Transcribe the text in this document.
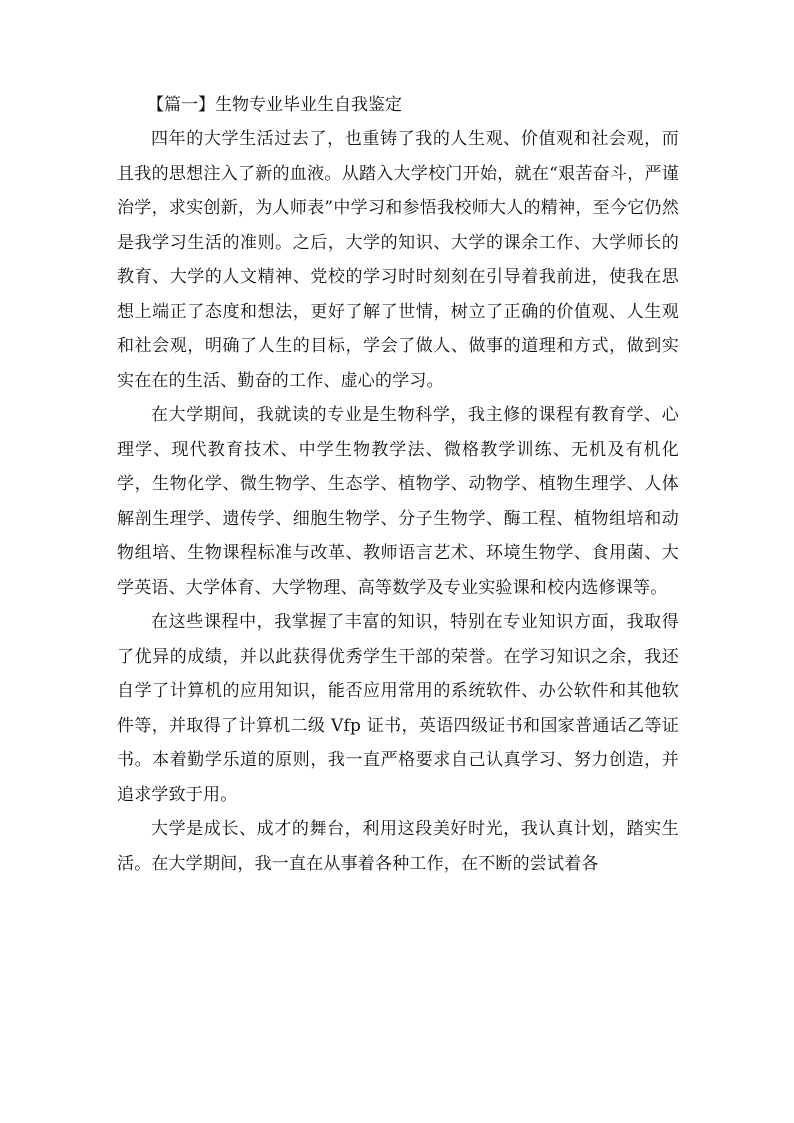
【篇一】生物专业毕业生自我鉴定

四年的大学生活过去了，也重铸了我的人生观、价值观和社会观，而且我的思想注入了新的血液。从踏入大学校门开始，就在“艰苦奋斗，严谨治学，求实创新，为人师表”中学习和参悟我校师大人的精神，至今它仍然是我学习生活的准则。之后，大学的知识、大学的课余工作、大学师长的教育、大学的人文精神、党校的学习时时刻刻在引导着我前进，使我在思想上端正了态度和想法，更好了解了世情，树立了正确的价值观、人生观和社会观，明确了人生的目标，学会了做人、做事的道理和方式，做到实实在在的生活、勤奋的工作、虚心的学习。

在大学期间，我就读的专业是生物科学，我主修的课程有教育学、心理学、现代教育技术、中学生物教学法、微格教学训练、无机及有机化学，生物化学、微生物学、生态学、植物学、动物学、植物生理学、人体解剖生理学、遗传学、细胞生物学、分子生物学、酶工程、植物组培和动物组培、生物课程标准与改革、教师语言艺术、环境生物学、食用菌、大学英语、大学体育、大学物理、高等数学及专业实验课和校内选修课等。

在这些课程中，我掌握了丰富的知识，特别在专业知识方面，我取得了优异的成绩，并以此获得优秀学生干部的荣誉。在学习知识之余，我还自学了计算机的应用知识，能否应用常用的系统软件、办公软件和其他软件等，并取得了计算机二级 Vfp 证书，英语四级证书和国家普通话乙等证书。本着勤学乐道的原则，我一直严格要求自己认真学习、努力创造，并追求学致于用。

大学是成长、成才的舞台，利用这段美好时光，我认真计划，踏实生活。在大学期间，我一直在从事着各种工作，在不断的尝试着各
